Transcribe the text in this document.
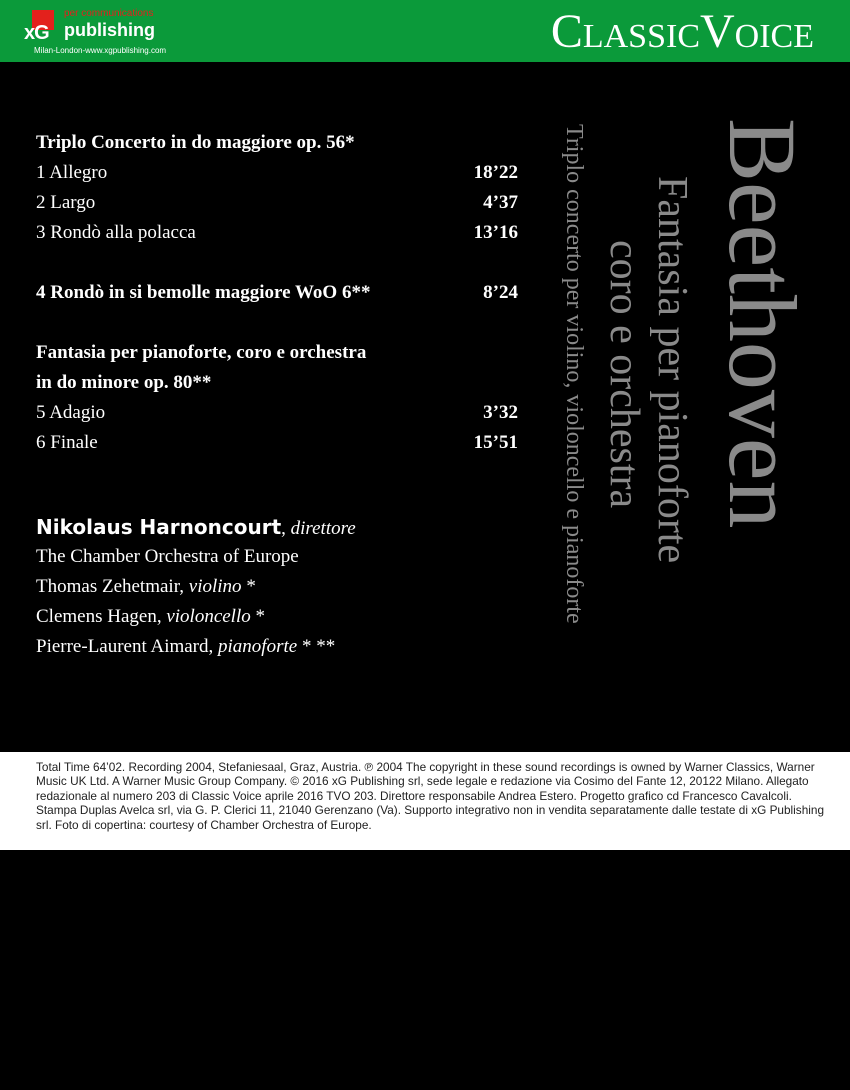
xG
per communications
publishing
Milan-London-www.xgpublishing.com	ClassicVoice
Triplo Concerto in do maggiore op. 56*
1 Allegro	18’22
2 Largo	4’37
3 Rondò alla polacca	13’16
4 Rondò in si bemolle maggiore WoO 6**	8’24
Fantasia per pianoforte, coro e orchestra
in do minore op. 80**
5 Adagio	3’32
6 Finale	15’51
Nikolaus Harnoncourt, direttore
The Chamber Orchestra of Europe
Thomas Zehetmair, violino *
Clemens Hagen, violoncello *
Pierre-Laurent Aimard, pianoforte * **
Beethoven
Fantasia per pianoforte
coro e orchestra
Triplo concerto per violino, violoncello e pianoforte
Total Time 64’02. Recording 2004, Stefaniesaal, Graz, Austria. ℗ 2004 The copyright in these sound recordings is owned by Warner Classics, Warner Music UK Ltd. A Warner Music Group Company. © 2016 xG Publishing srl, sede legale e redazione via Cosimo del Fante 12, 20122 Milano. Allegato redazionale al numero 203 di Classic Voice aprile 2016 TVO 203. Direttore responsabile Andrea Estero. Progetto grafico cd Francesco Cavalcoli. Stampa Duplas Avelca srl, via G. P. Clerici 11, 21040 Gerenzano (Va). Supporto integrativo non in vendita separatamente dalle testate di xG Publishing srl. Foto di copertina: courtesy of Chamber Orchestra of Europe.
